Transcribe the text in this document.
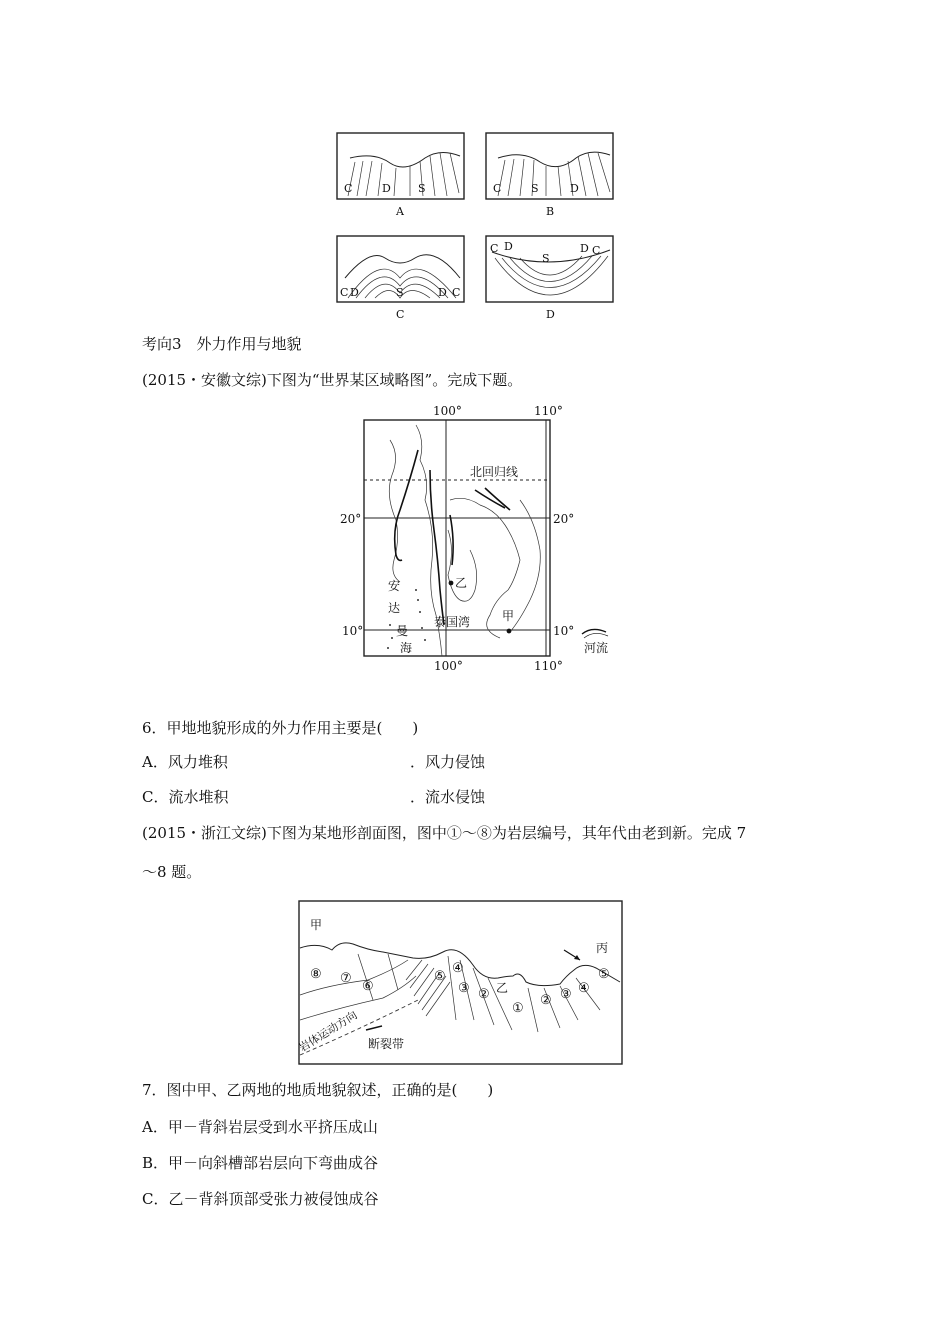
C	D S
A
C	S	D
B
C D	S	D C
C
C D
S
D C
D
考向3　外力作用与地貌
(2015・安徽文综)下图为“世界某区域略图”。完成下题。
100°	110°
100°	110°
20°	20°
10°	10°
北回归线
安
达
曼
海
泰国湾
乙
甲
河流
6．甲地地貌形成的外力作用主要是(　　)
A．风力堆积	．风力侵蚀
C．流水堆积	．流水侵蚀
(2015・浙江文综)下图为某地形剖面图，图中①～⑧为岩层编号，其年代由老到新。完成 7
～8 题。
甲
乙
丙
岩体运动方向 断裂带
⑧ ⑦
⑥
⑤
④
③ ②
①
② ③ ④
⑤
7．图中甲、乙两地的地质地貌叙述，正确的是(　　)
A．甲－背斜岩层受到水平挤压成山
B．甲－向斜槽部岩层向下弯曲成谷
C．乙－背斜顶部受张力被侵蚀成谷
